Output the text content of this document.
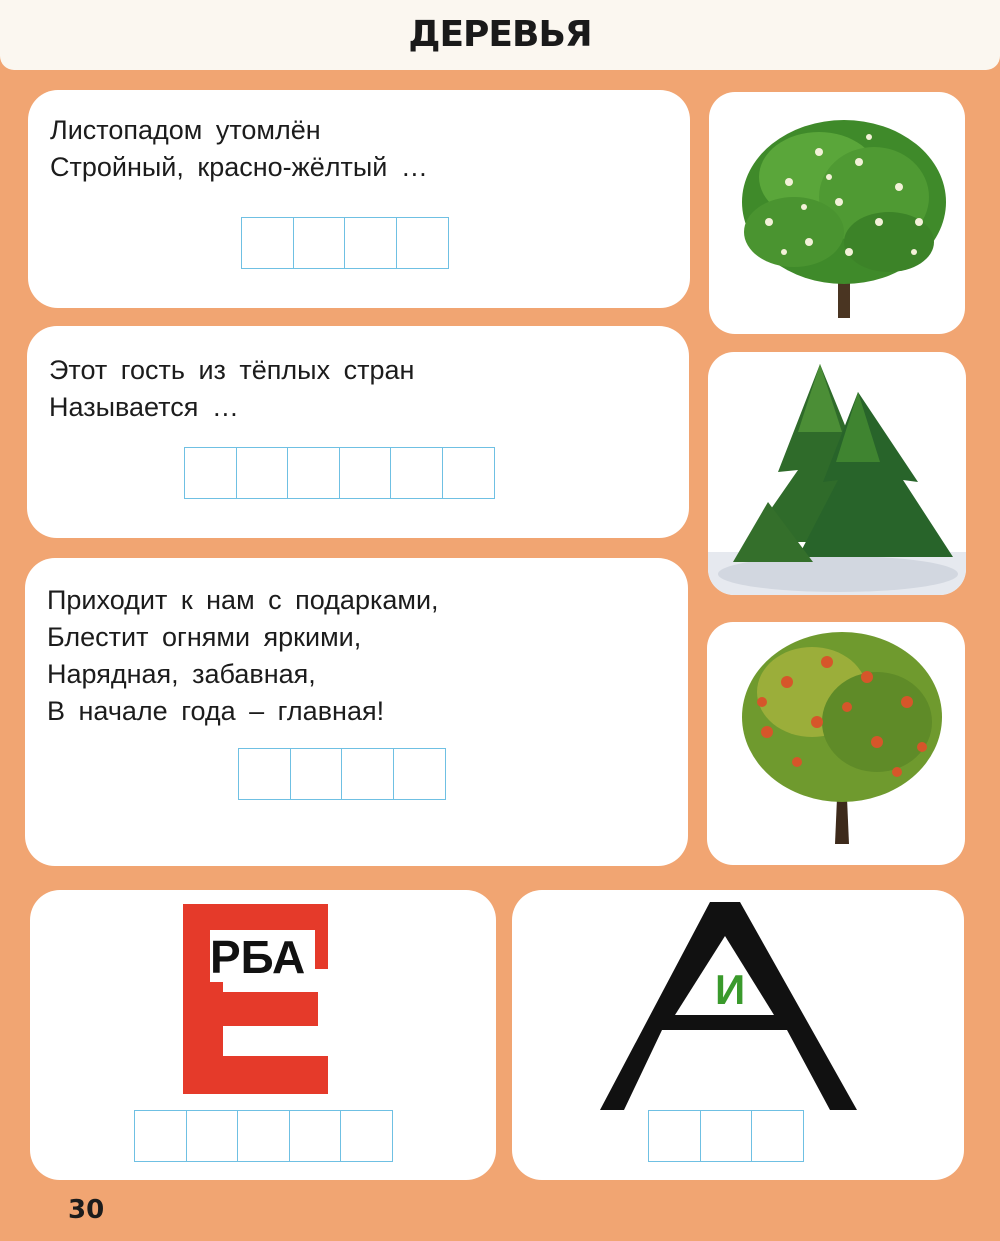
ДЕРЕВЬЯ
Листопадом утомлён
Стройный, красно-жёлтый …
Этот гость из тёплых стран
Называется …
Приходит к нам с подарками,
Блестит огнями яркими,
Нарядная, забавная,
В начале года – главная!
РБА
И
30
